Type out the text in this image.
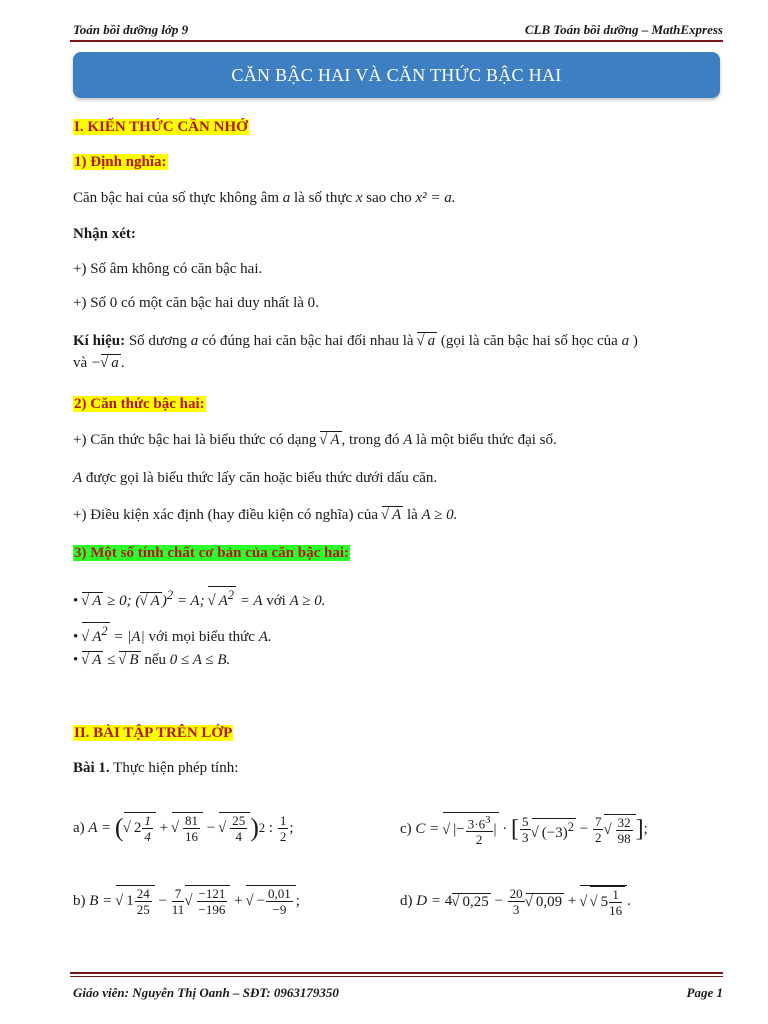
Toán bồi dưỡng lớp 9	CLB Toán bồi dưỡng – MathExpress
CĂN BẬC HAI VÀ CĂN THỨC BẬC HAI
I. KIẾN THỨC CẦN NHỚ
1) Định nghĩa:
Căn bậc hai của số thực không âm a là số thực x sao cho x² = a.
Nhận xét:
+) Số âm không có căn bậc hai.
+) Số 0 có một căn bậc hai duy nhất là 0.
Kí hiệu: Số dương a có đúng hai căn bậc hai đối nhau là √ a (gọi là căn bậc hai số học của a )
và − √ a .
2) Căn thức bậc hai:
+) Căn thức bậc hai là biểu thức có dạng √ A , trong đó A là một biểu thức đại số.
A được gọi là biểu thức lấy căn hoặc biểu thức dưới dấu căn.
+) Điều kiện xác định (hay điều kiện có nghĩa) của √ A là A ≥ 0.
3) Một số tính chất cơ bản của căn bậc hai:
• √ A ≥ 0; ( √ A )$^2$ = A; √ $A^2 = A$ với A ≥ 0.
• √ $A^2 = |A|$ với mọi biểu thức A.
• √ A ≤ √ B nếu 0 ≤ A ≤ B.
II. BÀI TẬP TRÊN LỚP
Bài 1. Thực hiện phép tính:
a)
A =
( √ $2 \frac{1}{4}$ + √ $\frac{81}{16}$ − √ $\frac{25}{4}$ ) 2 : $\frac{1}{2}$ ;	c)
C =
√ |− $\frac{3\cdot 6^3}{2}$ | · [ $\frac{5}{3}$ √ $(-3)^2 - \frac{7}{2}$ √ $\frac{32}{98}$ ] ;
b)
B =
√ $1 \frac{24}{25} - \frac{7}{11}$ √ $\frac{-121}{-196}$ + √ − $\frac{0,01}{-9}$ ;	d)
D = 4 √ $0,25 - \frac{20}{3}$ √ 0,09 +	√ √ $5 \frac{1}{16}$ .
Giáo viên: Nguyễn Thị Oanh – SĐT: 0963179350	Page 1
